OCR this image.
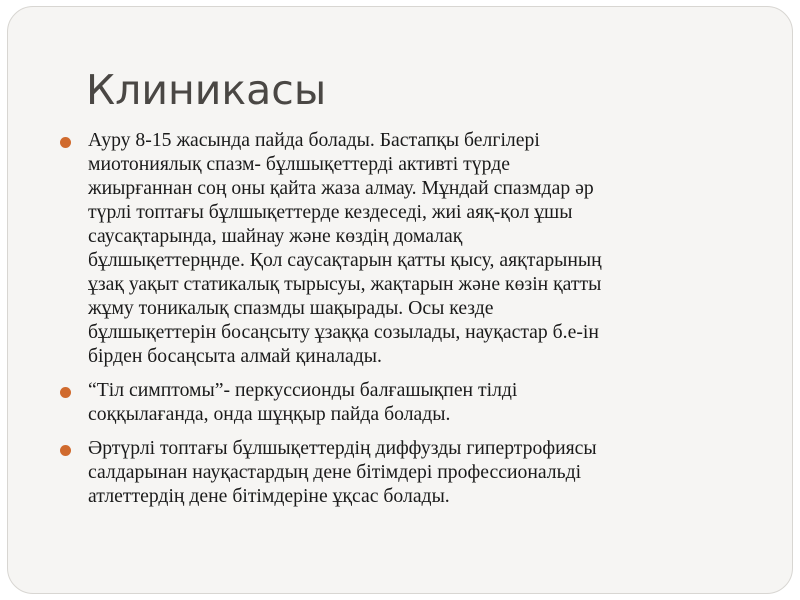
Клиникасы
Ауру 8-15 жасында пайда болады. Бастапқы белгілері
миотониялық спазм- бұлшықеттерді активті түрде
жиырғаннан соң оны қайта жаза алмау. Мұндай спазмдар әр
түрлі топтағы бұлшықеттерде кездеседі, жиі аяқ-қол ұшы
саусақтарында, шайнау және көздің домалақ
бұлшықеттерңнде. Қол саусақтарын қатты қысу, аяқтарының
ұзақ уақыт статикалық тырысуы, жақтарын және көзін қатты
жұму тоникалық спазмды шақырады. Осы кезде
бұлшықеттерін босаңсыту ұзаққа созылады, науқастар б.е-ін
бірден босаңсыта алмай қиналады.
“Тіл симптомы”- перкуссионды балғашықпен тілді
соққылағанда, онда шұңқыр пайда болады.
Әртүрлі топтағы бұлшықеттердің диффузды гипертрофиясы
салдарынан науқастардың дене бітімдері профессиональді
атлеттердің дене бітімдеріне ұқсас болады.
